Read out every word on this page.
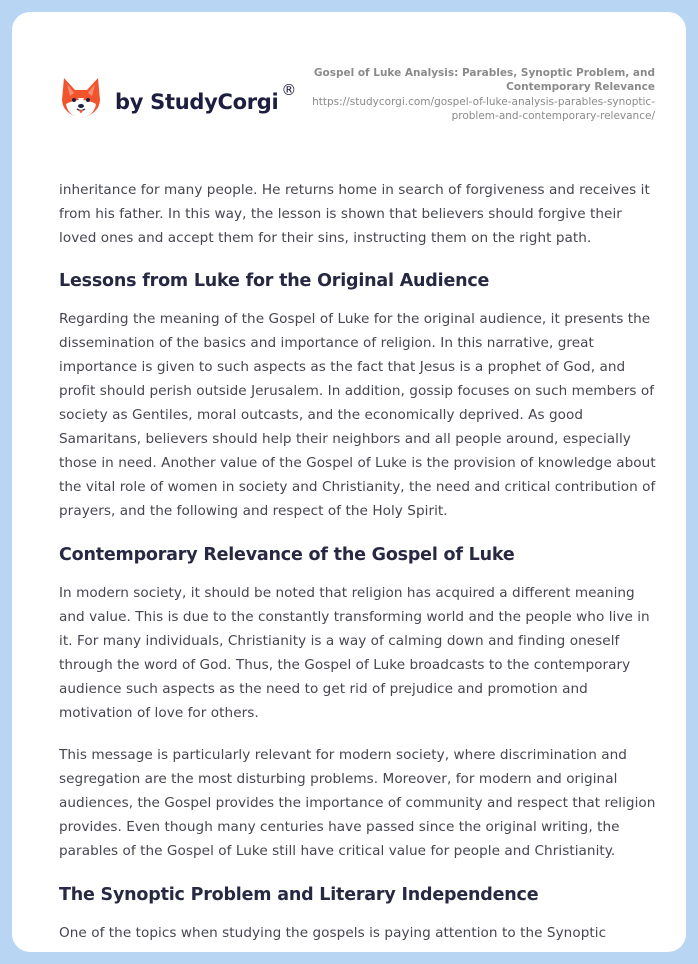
by StudyCorgi ®
Gospel of Luke Analysis: Parables, Synoptic Problem, and Contemporary Relevance
https://studycorgi.com/gospel-of-luke-analysis-parables-synoptic-problem-and-contemporary-relevance/

inheritance for many people. He returns home in search of forgiveness and receives it from his father. In this way, the lesson is shown that believers should forgive their loved ones and accept them for their sins, instructing them on the right path.

Lessons from Luke for the Original Audience

Regarding the meaning of the Gospel of Luke for the original audience, it presents the dissemination of the basics and importance of religion. In this narrative, great importance is given to such aspects as the fact that Jesus is a prophet of God, and profit should perish outside Jerusalem. In addition, gossip focuses on such members of society as Gentiles, moral outcasts, and the economically deprived. As good Samaritans, believers should help their neighbors and all people around, especially those in need. Another value of the Gospel of Luke is the provision of knowledge about the vital role of women in society and Christianity, the need and critical contribution of prayers, and the following and respect of the Holy Spirit.

Contemporary Relevance of the Gospel of Luke

In modern society, it should be noted that religion has acquired a different meaning and value. This is due to the constantly transforming world and the people who live in it. For many individuals, Christianity is a way of calming down and finding oneself through the word of God. Thus, the Gospel of Luke broadcasts to the contemporary audience such aspects as the need to get rid of prejudice and promotion and motivation of love for others.

This message is particularly relevant for modern society, where discrimination and segregation are the most disturbing problems. Moreover, for modern and original audiences, the Gospel provides the importance of community and respect that religion provides. Even though many centuries have passed since the original writing, the parables of the Gospel of Luke still have critical value for people and Christianity.

The Synoptic Problem and Literary Independence

One of the topics when studying the gospels is paying attention to the Synoptic
